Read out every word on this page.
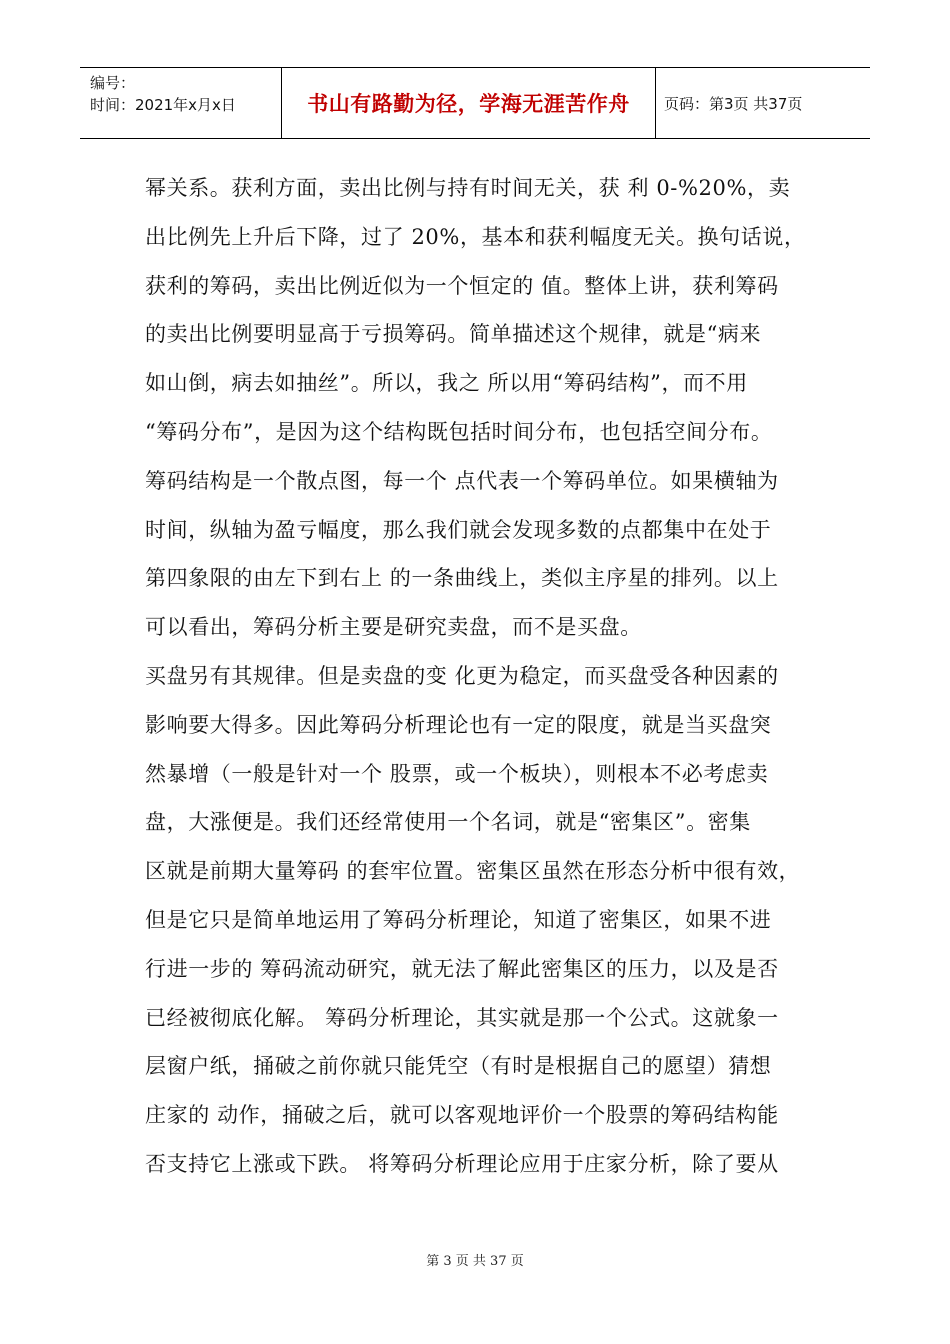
编号：
时间：2021年x月x日	书山有路勤为径，学海无涯苦作舟	页码：第3页 共37页
幂关系。获利方面，卖出比例与持有时间无关，获 利 0-%20%，卖
出比例先上升后下降，过了 20%，基本和获利幅度无关。换句话说，
获利的筹码，卖出比例近似为一个恒定的 值。整体上讲，获利筹码
的卖出比例要明显高于亏损筹码。简单描述这个规律，就是“病来
如山倒，病去如抽丝”。所以，我之 所以用“筹码结构”，而不用
“筹码分布”，是因为这个结构既包括时间分布，也包括空间分布。
筹码结构是一个散点图，每一个 点代表一个筹码单位。如果横轴为
时间，纵轴为盈亏幅度，那么我们就会发现多数的点都集中在处于
第四象限的由左下到右上 的一条曲线上，类似主序星的排列。以上
可以看出，筹码分析主要是研究卖盘，而不是买盘。
买盘另有其规律。但是卖盘的变 化更为稳定，而买盘受各种因素的
影响要大得多。因此筹码分析理论也有一定的限度，就是当买盘突
然暴增（一般是针对一个 股票，或一个板块），则根本不必考虑卖
盘，大涨便是。我们还经常使用一个名词，就是“密集区”。密集
区就是前期大量筹码 的套牢位置。密集区虽然在形态分析中很有效，
但是它只是简单地运用了筹码分析理论，知道了密集区，如果不进
行进一步的 筹码流动研究，就无法了解此密集区的压力，以及是否
已经被彻底化解。 筹码分析理论，其实就是那一个公式。这就象一
层窗户纸，捅破之前你就只能凭空（有时是根据自己的愿望）猜想
庄家的 动作，捅破之后，就可以客观地评价一个股票的筹码结构能
否支持它上涨或下跌。 将筹码分析理论应用于庄家分析，除了要从
第 3 页 共 37 页
